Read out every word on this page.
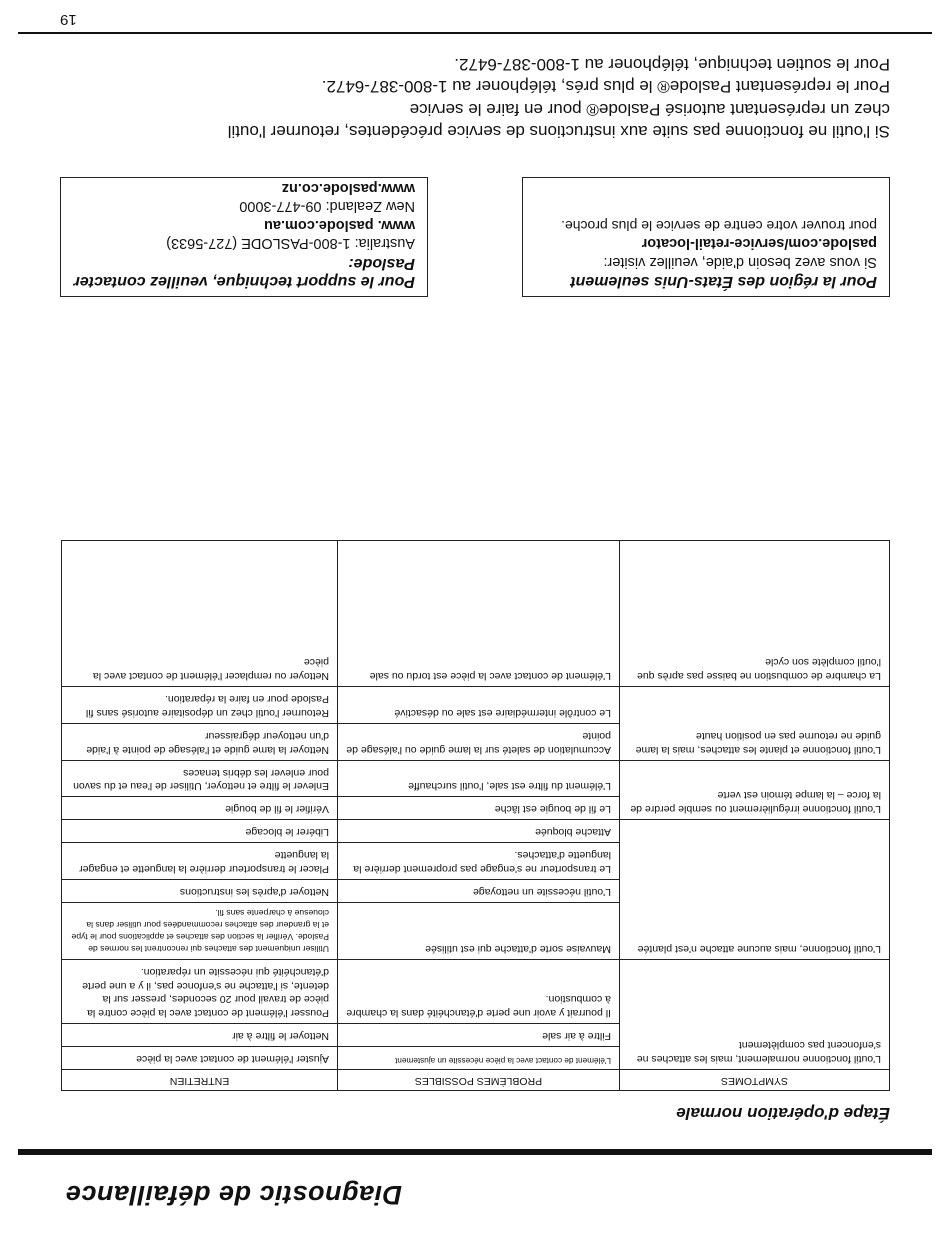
Diagnostic de défaillance
Étape d'opération normale
SYMPTOMES	PROBLÈMES POSSIBLES	ENTRETIEN
L'outil fonctionne normalement, mais les attaches ne s'enfoncent pas complètement	L'élément de contact avec la pièce nécessite un ajustement	Ajuster l'élément de contact avec la pièce
	Filtre à air sale	Nettoyer le filtre à air
	Il pourrait y avoir une perte d'étanchéité dans la chambre à combustion.	Pousser l'élément de contact avec la pièce contre la pièce de travail pour 20 secondes, presser sur la detente, si l'attache ne s'enfonce pas, il y a une perte d'étanchéité qui nécessite un réparation.
L'outil fonctionne, mais aucune attache n'est plantée	Mauvaise sorte d'attache qui est utilisée	Utiliser uniquement des attaches qui rencontrent les normes de Paslode. Vérifier la section des attaches et applications pour le type et la grandeur des attaches recommandées pour utiliser dans la clouesue à charpente sans fil.
	L'outil nécessite un nettoyage	Nettoyer d'après les instructions
	Le transporteur ne s'engage pas proprement derrière la languette d'attaches.	Placer le transporteur derrière la languette et engager la languette
	Attache bloquée	Libérer le blocage
L'outil fonctionne irrégulièrement ou semble perdre de la force – la lampe témoin est verte	Le fil de bougie est lâche	Vérifier le fil de bougie
	L'élément du filtre est sale, l'outil surchauffe	Enlever le filtre et nettoyer, Utiliser de l'eau et du savon pour enlever les débris tenaces
L'outil fonctionne et plante les attaches, mais la lame guide ne retourne pas en position haute	Accumulation de saleté sur la lame guide ou l'alésage de pointe	Nettoyer la lame guide et l'alésage de pointe à l'aide d'un nettoyeur dégraisseur
	Le contrôle intermédiaire est sale ou désactivé	Retourner l'outil chez un dépositaire autorisé sans fil Paslode pour en faire la réparation.
La chambre de combustion ne baisse pas après que l'outil complète son cycle	L'élément de contact avec la pièce est tordu ou sale	Nettoyer ou remplacer l'élément de contact avec la pièce

Pour la région des États-Unis seulement

Si vous avez besoin d'aide, veuillez visiter:

paslode.com/service-retail-locator

pour trouver votre centre de service le plus proche.

Pour le support technique, veuillez contacter Paslode:

Australia: 1-800-PASLODE (727-5633)

www. paslode.com.au

New Zealand: 09-477-3000

www.paslode.co.nz

Si l'outil ne fonctionne pas suite aux instructions de service précédentes, retourner l'outil

chez un représentant autorisé Paslode® pour en faire le service

Pour le représentant Paslode® le plus prés, téléphoner au 1-800-387-6472.

Pour le soutien technique, téléphoner au 1-800-387-6472.

19
